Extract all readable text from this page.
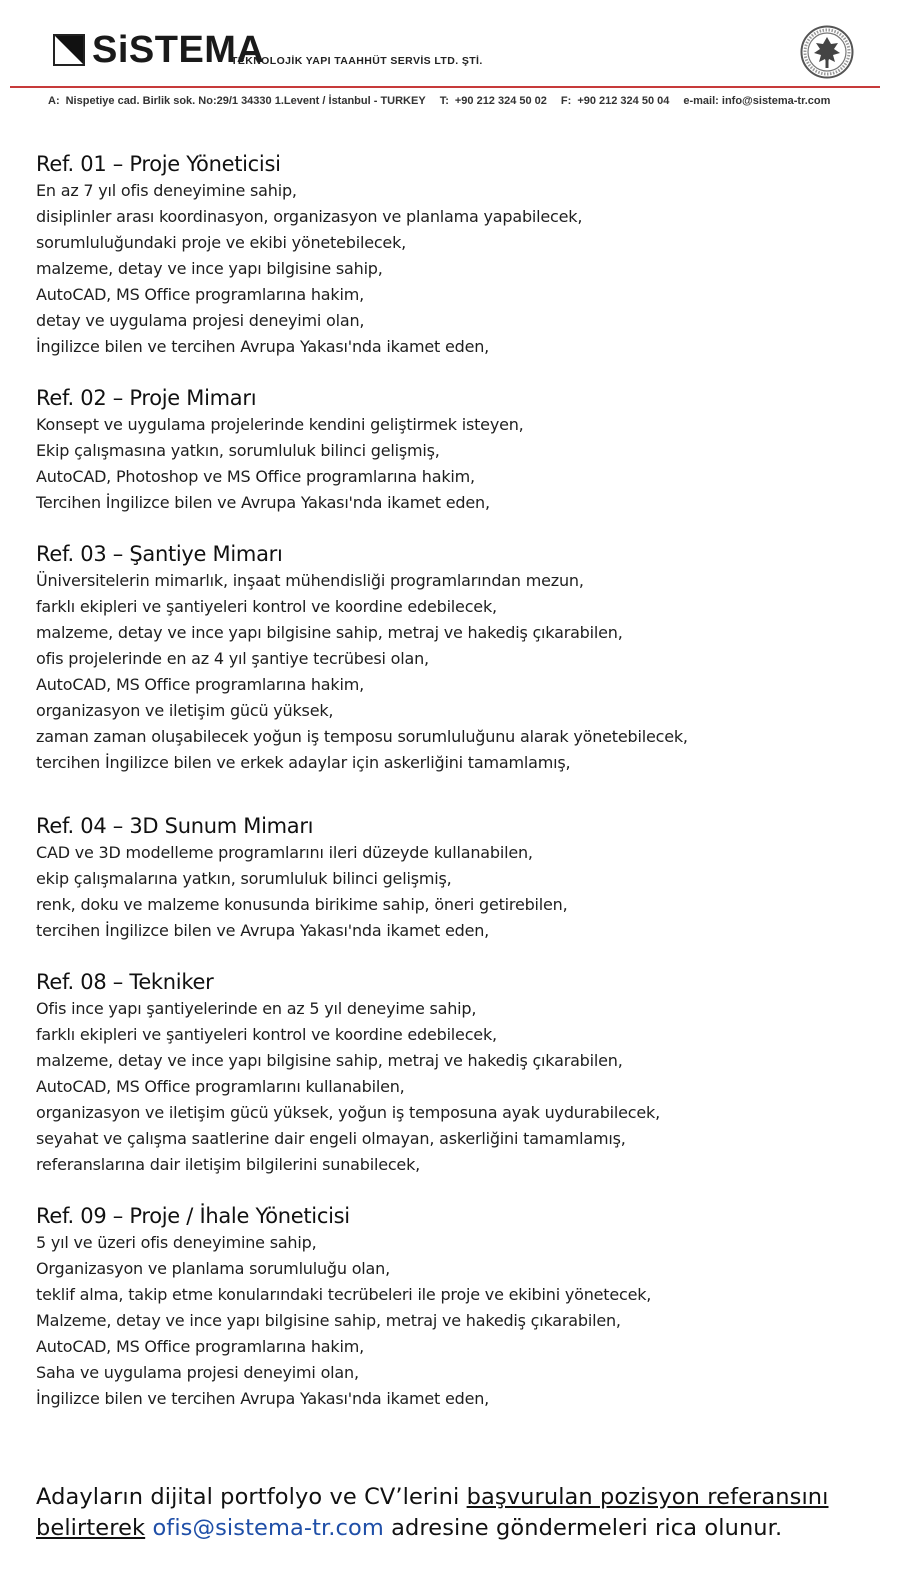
SiSTEMA
TEKNOLOJİK YAPI TAAHHÜT SERVİS LTD. ŞTİ.
A: Nispetiye cad. Birlik sok. No:29/1 34330 1.Levent / İstanbul - TURKEY T: +90 212 324 50 02 F: +90 212 324 50 04 e-mail: info@sistema-tr.com
Ref. 01 – Proje Yöneticisi
En az 7 yıl ofis deneyimine sahip,
disiplinler arası koordinasyon, organizasyon ve planlama yapabilecek,
sorumluluğundaki proje ve ekibi yönetebilecek,
malzeme, detay ve ince yapı bilgisine sahip,
AutoCAD, MS Office programlarına hakim,
detay ve uygulama projesi deneyimi olan,
İngilizce bilen ve tercihen Avrupa Yakası'nda ikamet eden,
Ref. 02 – Proje Mimarı
Konsept ve uygulama projelerinde kendini geliştirmek isteyen,
Ekip çalışmasına yatkın, sorumluluk bilinci gelişmiş,
AutoCAD, Photoshop ve MS Office programlarına hakim,
Tercihen İngilizce bilen ve Avrupa Yakası'nda ikamet eden,
Ref. 03 – Şantiye Mimarı
Üniversitelerin mimarlık, inşaat mühendisliği programlarından mezun,
farklı ekipleri ve şantiyeleri kontrol ve koordine edebilecek,
malzeme, detay ve ince yapı bilgisine sahip, metraj ve hakediş çıkarabilen,
ofis projelerinde en az 4 yıl şantiye tecrübesi olan,
AutoCAD, MS Office programlarına hakim,
organizasyon ve iletişim gücü yüksek,
zaman zaman oluşabilecek yoğun iş temposu sorumluluğunu alarak yönetebilecek,
tercihen İngilizce bilen ve erkek adaylar için askerliğini tamamlamış,
Ref. 04 – 3D Sunum Mimarı
CAD ve 3D modelleme programlarını ileri düzeyde kullanabilen,
ekip çalışmalarına yatkın, sorumluluk bilinci gelişmiş,
renk, doku ve malzeme konusunda birikime sahip, öneri getirebilen,
tercihen İngilizce bilen ve Avrupa Yakası'nda ikamet eden,
Ref. 08 – Tekniker
Ofis ince yapı şantiyelerinde en az 5 yıl deneyime sahip,
farklı ekipleri ve şantiyeleri kontrol ve koordine edebilecek,
malzeme, detay ve ince yapı bilgisine sahip, metraj ve hakediş çıkarabilen,
AutoCAD, MS Office programlarını kullanabilen,
organizasyon ve iletişim gücü yüksek, yoğun iş temposuna ayak uydurabilecek,
seyahat ve çalışma saatlerine dair engeli olmayan, askerliğini tamamlamış,
referanslarına dair iletişim bilgilerini sunabilecek,
Ref. 09 – Proje / İhale Yöneticisi
5 yıl ve üzeri ofis deneyimine sahip,
Organizasyon ve planlama sorumluluğu olan,
teklif alma, takip etme konularındaki tecrübeleri ile proje ve ekibini yönetecek,
Malzeme, detay ve ince yapı bilgisine sahip, metraj ve hakediş çıkarabilen,
AutoCAD, MS Office programlarına hakim,
Saha ve uygulama projesi deneyimi olan,
İngilizce bilen ve tercihen Avrupa Yakası'nda ikamet eden,
Adayların dijital portfolyo ve CV’lerini başvurulan pozisyon referansını
belirterek ofis@sistema-tr.com adresine göndermeleri rica olunur.
